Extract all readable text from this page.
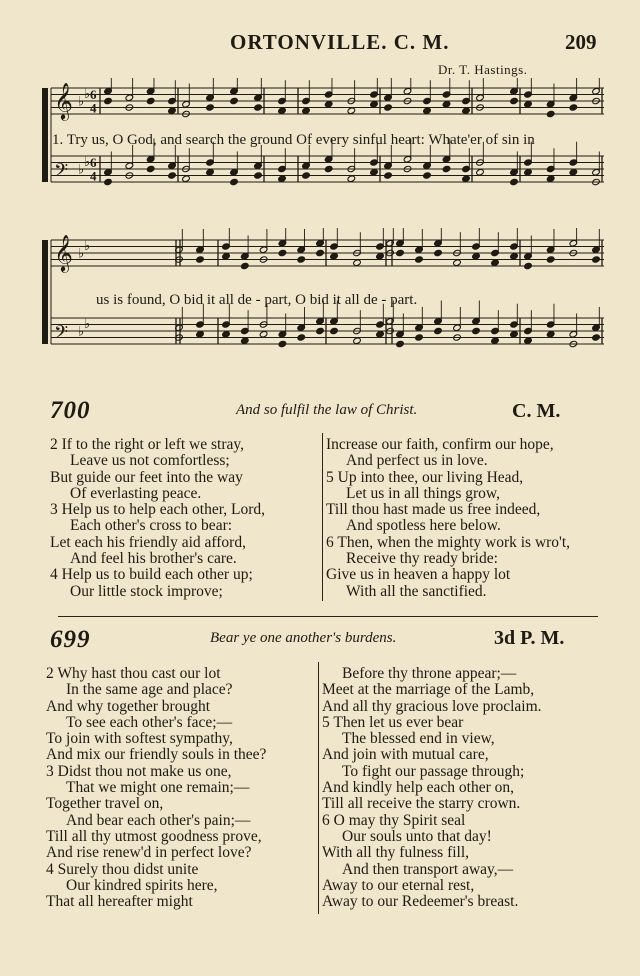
ORTONVILLE. C. M.	209
Dr. T. Hastings.
𝄞 ♭
♭ 6
4
𝄢 ♭
♭ 6
4
1. Try us, O God, and search the ground Of every sinful heart: Whate'er of sin in
𝄞 ♭
♭
𝄢 ♭
♭
us is found, O bid it all de - part, O bid it all de - part.
700	And so fulfil the law of Christ.	C. M.
2 If to the right or left we stray,
Leave us not comfortless;
But guide our feet into the way
Of everlasting peace.
3 Help us to help each other, Lord,
Each other's cross to bear:
Let each his friendly aid afford,
And feel his brother's care.
4 Help us to build each other up;
Our little stock improve;
Increase our faith, confirm our hope,
And perfect us in love.
5 Up into thee, our living Head,
Let us in all things grow,
Till thou hast made us free indeed,
And spotless here below.
6 Then, when the mighty work is wro't,
Receive thy ready bride:
Give us in heaven a happy lot
With all the sanctified.
699	Bear ye one another's burdens.	3d P. M.
2 Why hast thou cast our lot
In the same age and place?
And why together brought
To see each other's face;—
To join with softest sympathy,
And mix our friendly souls in thee?
3 Didst thou not make us one,
That we might one remain;—
Together travel on,
And bear each other's pain;—
Till all thy utmost goodness prove,
And rise renew'd in perfect love?
4 Surely thou didst unite
Our kindred spirits here,
That all hereafter might
Before thy throne appear;—
Meet at the marriage of the Lamb,
And all thy gracious love proclaim.
5 Then let us ever bear
The blessed end in view,
And join with mutual care,
To fight our passage through;
And kindly help each other on,
Till all receive the starry crown.
6 O may thy Spirit seal
Our souls unto that day!
With all thy fulness fill,
And then transport away,—
Away to our eternal rest,
Away to our Redeemer's breast.
